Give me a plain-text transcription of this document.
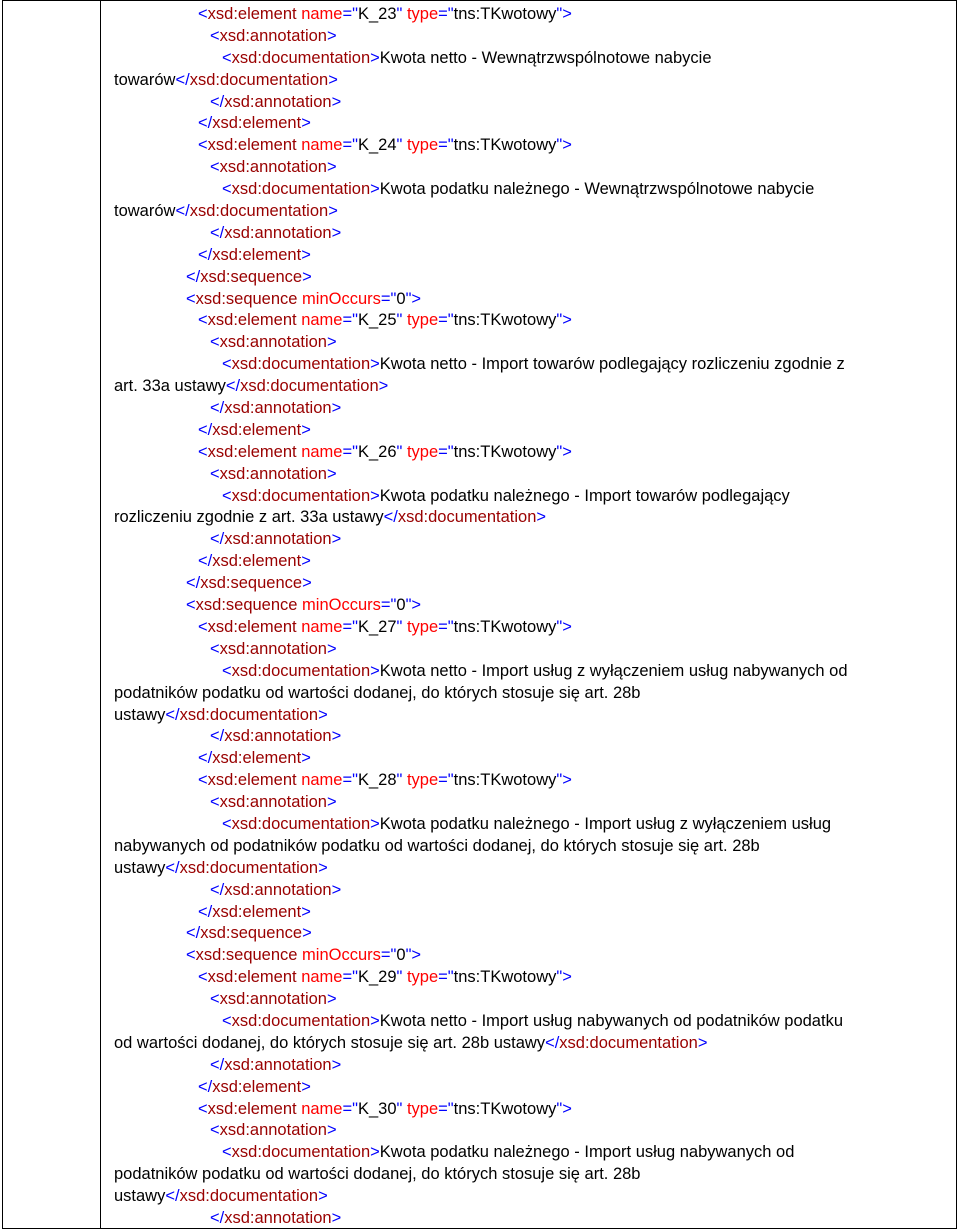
<xsd:element name="K_23" type="tns:TKwotowy">
<xsd:annotation>
<xsd:documentation>Kwota netto - Wewnątrzwspólnotowe nabycie
towarów</xsd:documentation>
</xsd:annotation>
</xsd:element>
<xsd:element name="K_24" type="tns:TKwotowy">
<xsd:annotation>
<xsd:documentation>Kwota podatku należnego - Wewnątrzwspólnotowe nabycie
towarów</xsd:documentation>
</xsd:annotation>
</xsd:element>
</xsd:sequence>
<xsd:sequence minOccurs="0">
<xsd:element name="K_25" type="tns:TKwotowy">
<xsd:annotation>
<xsd:documentation>Kwota netto - Import towarów podlegający rozliczeniu zgodnie z
art. 33a ustawy</xsd:documentation>
</xsd:annotation>
</xsd:element>
<xsd:element name="K_26" type="tns:TKwotowy">
<xsd:annotation>
<xsd:documentation>Kwota podatku należnego - Import towarów podlegający
rozliczeniu zgodnie z art. 33a ustawy</xsd:documentation>
</xsd:annotation>
</xsd:element>
</xsd:sequence>
<xsd:sequence minOccurs="0">
<xsd:element name="K_27" type="tns:TKwotowy">
<xsd:annotation>
<xsd:documentation>Kwota netto - Import usług z wyłączeniem usług nabywanych od
podatników podatku od wartości dodanej, do których stosuje się art. 28b
ustawy</xsd:documentation>
</xsd:annotation>
</xsd:element>
<xsd:element name="K_28" type="tns:TKwotowy">
<xsd:annotation>
<xsd:documentation>Kwota podatku należnego - Import usług z wyłączeniem usług
nabywanych od podatników podatku od wartości dodanej, do których stosuje się art. 28b
ustawy</xsd:documentation>
</xsd:annotation>
</xsd:element>
</xsd:sequence>
<xsd:sequence minOccurs="0">
<xsd:element name="K_29" type="tns:TKwotowy">
<xsd:annotation>
<xsd:documentation>Kwota netto - Import usług nabywanych od podatników podatku
od wartości dodanej, do których stosuje się art. 28b ustawy</xsd:documentation>
</xsd:annotation>
</xsd:element>
<xsd:element name="K_30" type="tns:TKwotowy">
<xsd:annotation>
<xsd:documentation>Kwota podatku należnego - Import usług nabywanych od
podatników podatku od wartości dodanej, do których stosuje się art. 28b
ustawy</xsd:documentation>
</xsd:annotation>
